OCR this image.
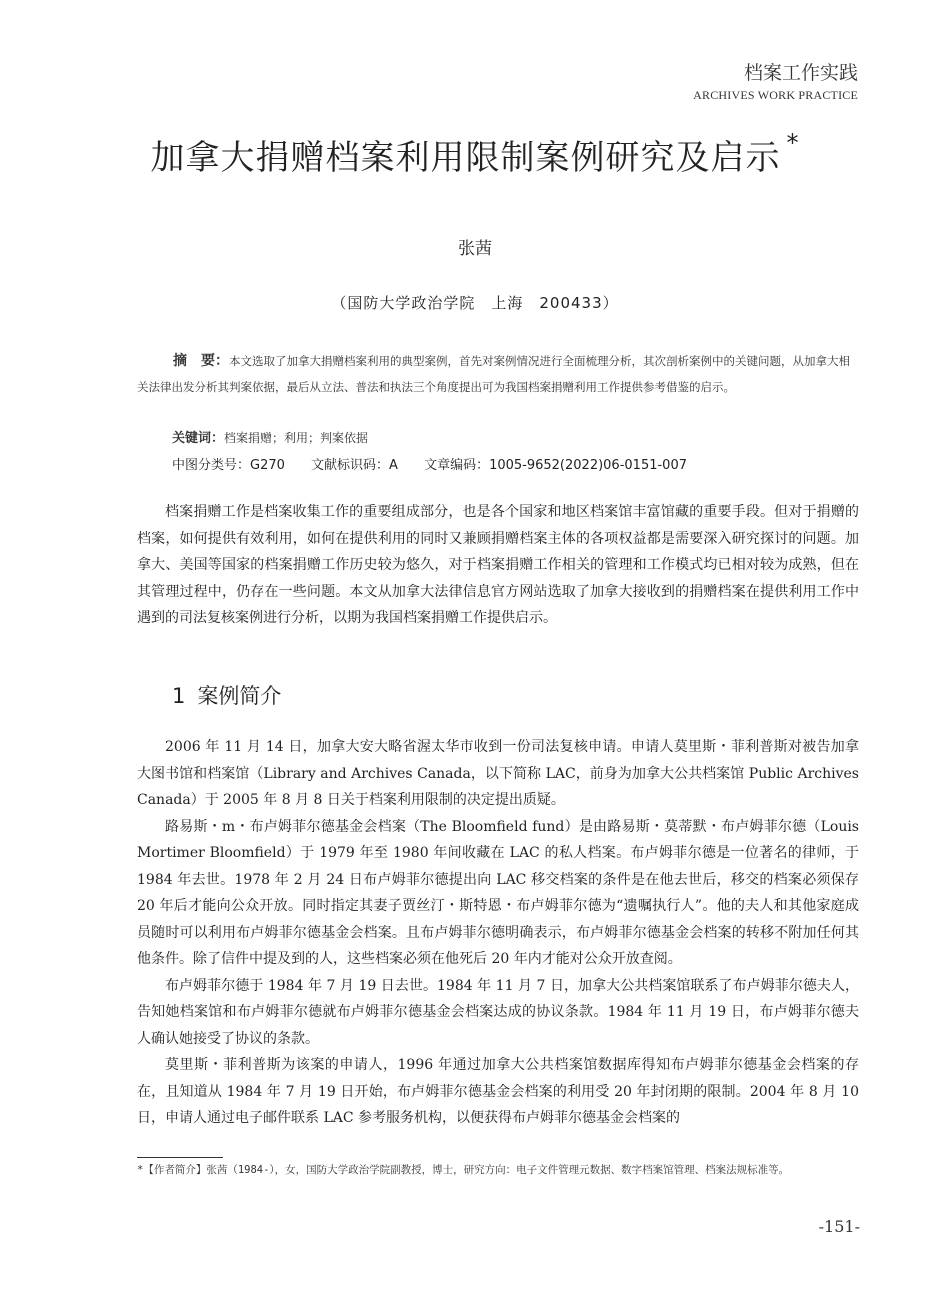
档案工作实践
ARCHIVES WORK PRACTICE
加拿大捐赠档案利用限制案例研究及启示 *
张茜
（国防大学政治学院　上海　200433）
摘　要：本文选取了加拿大捐赠档案利用的典型案例，首先对案例情况进行全面梳理分析，其次剖析案例中的关键问题，从加拿大相关法律出发分析其判案依据，最后从立法、普法和执法三个角度提出可为我国档案捐赠利用工作提供参考借鉴的启示。
关键词：档案捐赠；利用；判案依据
中图分类号：G270 文献标识码：A 文章编码：1005-9652(2022)06-0151-007

档案捐赠工作是档案收集工作的重要组成部分，也是各个国家和地区档案馆丰富馆藏的重要手段。但对于捐赠的档案，如何提供有效利用，如何在提供利用的同时又兼顾捐赠档案主体的各项权益都是需要深入研究探讨的问题。加拿大、美国等国家的档案捐赠工作历史较为悠久，对于档案捐赠工作相关的管理和工作模式均已相对较为成熟，但在其管理过程中，仍存在一些问题。本文从加拿大法律信息官方网站选取了加拿大接收到的捐赠档案在提供利用工作中遇到的司法复核案例进行分析，以期为我国档案捐赠工作提供启示。

1 案例简介

2006 年 11 月 14 日，加拿大安大略省渥太华市收到一份司法复核申请。申请人莫里斯・菲利普斯对被告加拿大图书馆和档案馆（Library and Archives Canada，以下简称 LAC，前身为加拿大公共档案馆 Public Archives Canada）于 2005 年 8 月 8 日关于档案利用限制的决定提出质疑。

路易斯・m・布卢姆菲尔德基金会档案（The Bloomfield fund）是由路易斯・莫蒂默・布卢姆菲尔德（Louis Mortimer Bloomfield）于 1979 年至 1980 年间收藏在 LAC 的私人档案。布卢姆菲尔德是一位著名的律师，于 1984 年去世。1978 年 2 月 24 日布卢姆菲尔德提出向 LAC 移交档案的条件是在他去世后，移交的档案必须保存 20 年后才能向公众开放。同时指定其妻子贾丝汀・斯特恩・布卢姆菲尔德为“遗嘱执行人”。他的夫人和其他家庭成员随时可以利用布卢姆菲尔德基金会档案。且布卢姆菲尔德明确表示，布卢姆菲尔德基金会档案的转移不附加任何其他条件。除了信件中提及到的人，这些档案必须在他死后 20 年内才能对公众开放查阅。

布卢姆菲尔德于 1984 年 7 月 19 日去世。1984 年 11 月 7 日，加拿大公共档案馆联系了布卢姆菲尔德夫人，告知她档案馆和布卢姆菲尔德就布卢姆菲尔德基金会档案达成的协议条款。1984 年 11 月 19 日，布卢姆菲尔德夫人确认她接受了协议的条款。

莫里斯・菲利普斯为该案的申请人，1996 年通过加拿大公共档案馆数据库得知布卢姆菲尔德基金会档案的存在，且知道从 1984 年 7 月 19 日开始，布卢姆菲尔德基金会档案的利用受 20 年封闭期的限制。2004 年 8 月 10 日，申请人通过电子邮件联系 LAC 参考服务机构，以便获得布卢姆菲尔德基金会档案的

*【作者简介】张茜（1984-），女，国防大学政治学院副教授，博士，研究方向：电子文件管理元数据、数字档案馆管理、档案法规标准等。
-151-
